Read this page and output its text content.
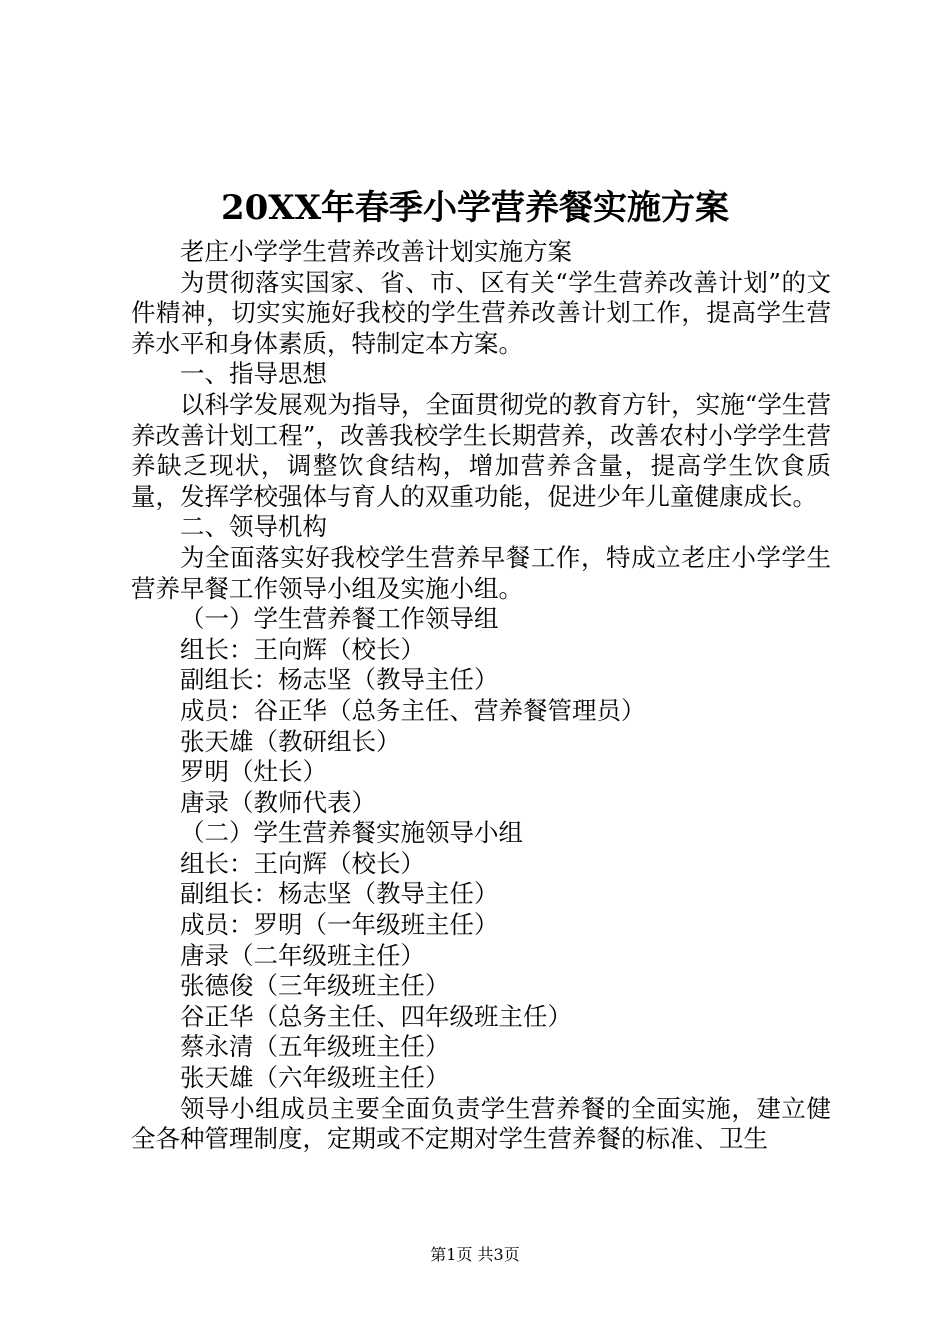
20XX年春季小学营养餐实施方案

老庄小学学生营养改善计划实施方案

为贯彻落实国家、省、市、区有关“学生营养改善计划”的文件精神，切实实施好我校的学生营养改善计划工作，提高学生营养水平和身体素质，特制定本方案。

一、指导思想

以科学发展观为指导，全面贯彻党的教育方针，实施“学生营养改善计划工程”，改善我校学生长期营养，改善农村小学学生营养缺乏现状，调整饮食结构，增加营养含量，提高学生饮食质量，发挥学校强体与育人的双重功能，促进少年儿童健康成长。

二、领导机构

为全面落实好我校学生营养早餐工作，特成立老庄小学学生营养早餐工作领导小组及实施小组。

（一）学生营养餐工作领导组

组长：王向辉（校长）

副组长：杨志坚（教导主任）

成员：谷正华（总务主任、营养餐管理员）

张天雄（教研组长）

罗明（灶长）

唐录（教师代表）

（二）学生营养餐实施领导小组

组长：王向辉（校长）

副组长：杨志坚（教导主任）

成员：罗明（一年级班主任）

唐录（二年级班主任）

张德俊（三年级班主任）

谷正华（总务主任、四年级班主任）

蔡永清（五年级班主任）

张天雄（六年级班主任）

领导小组成员主要全面负责学生营养餐的全面实施，建立健全各种管理制度，定期或不定期对学生营养餐的标准、卫生

第1页 共3页
